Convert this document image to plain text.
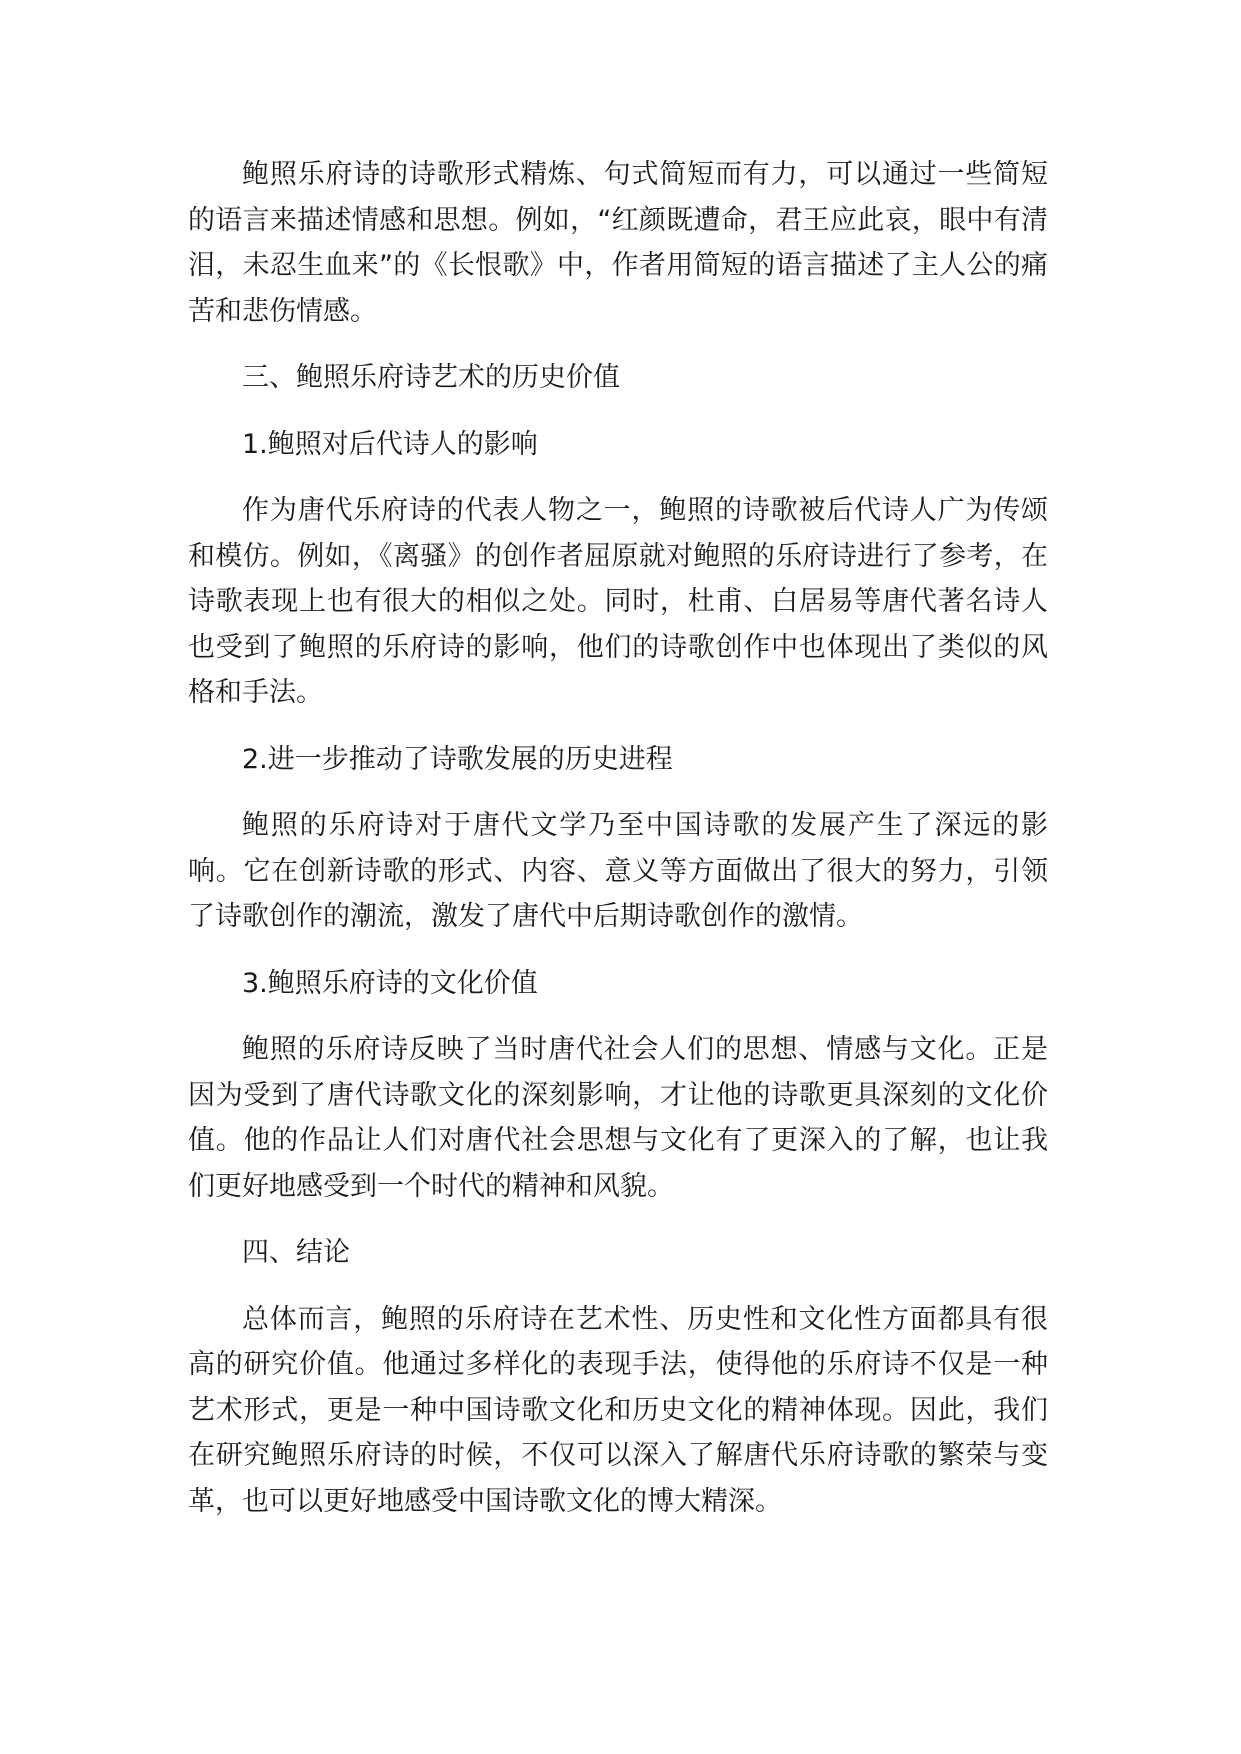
鲍照乐府诗的诗歌形式精炼、句式简短而有力，可以通过一些简短的语言来描述情感和思想。例如，“红颜既遭命，君王应此哀，眼中有清泪，未忍生血来”的《长恨歌》中，作者用简短的语言描述了主人公的痛苦和悲伤情感。

三、鲍照乐府诗艺术的历史价值

1.鲍照对后代诗人的影响

作为唐代乐府诗的代表人物之一，鲍照的诗歌被后代诗人广为传颂和模仿。例如，《离骚》的创作者屈原就对鲍照的乐府诗进行了参考，在诗歌表现上也有很大的相似之处。同时，杜甫、白居易等唐代著名诗人也受到了鲍照的乐府诗的影响，他们的诗歌创作中也体现出了类似的风格和手法。

2.进一步推动了诗歌发展的历史进程

鲍照的乐府诗对于唐代文学乃至中国诗歌的发展产生了深远的影响。它在创新诗歌的形式、内容、意义等方面做出了很大的努力，引领了诗歌创作的潮流，激发了唐代中后期诗歌创作的激情。

3.鲍照乐府诗的文化价值

鲍照的乐府诗反映了当时唐代社会人们的思想、情感与文化。正是因为受到了唐代诗歌文化的深刻影响，才让他的诗歌更具深刻的文化价值。他的作品让人们对唐代社会思想与文化有了更深入的了解，也让我们更好地感受到一个时代的精神和风貌。

四、结论

总体而言，鲍照的乐府诗在艺术性、历史性和文化性方面都具有很高的研究价值。他通过多样化的表现手法，使得他的乐府诗不仅是一种艺术形式，更是一种中国诗歌文化和历史文化的精神体现。因此，我们在研究鲍照乐府诗的时候，不仅可以深入了解唐代乐府诗歌的繁荣与变革，也可以更好地感受中国诗歌文化的博大精深。
